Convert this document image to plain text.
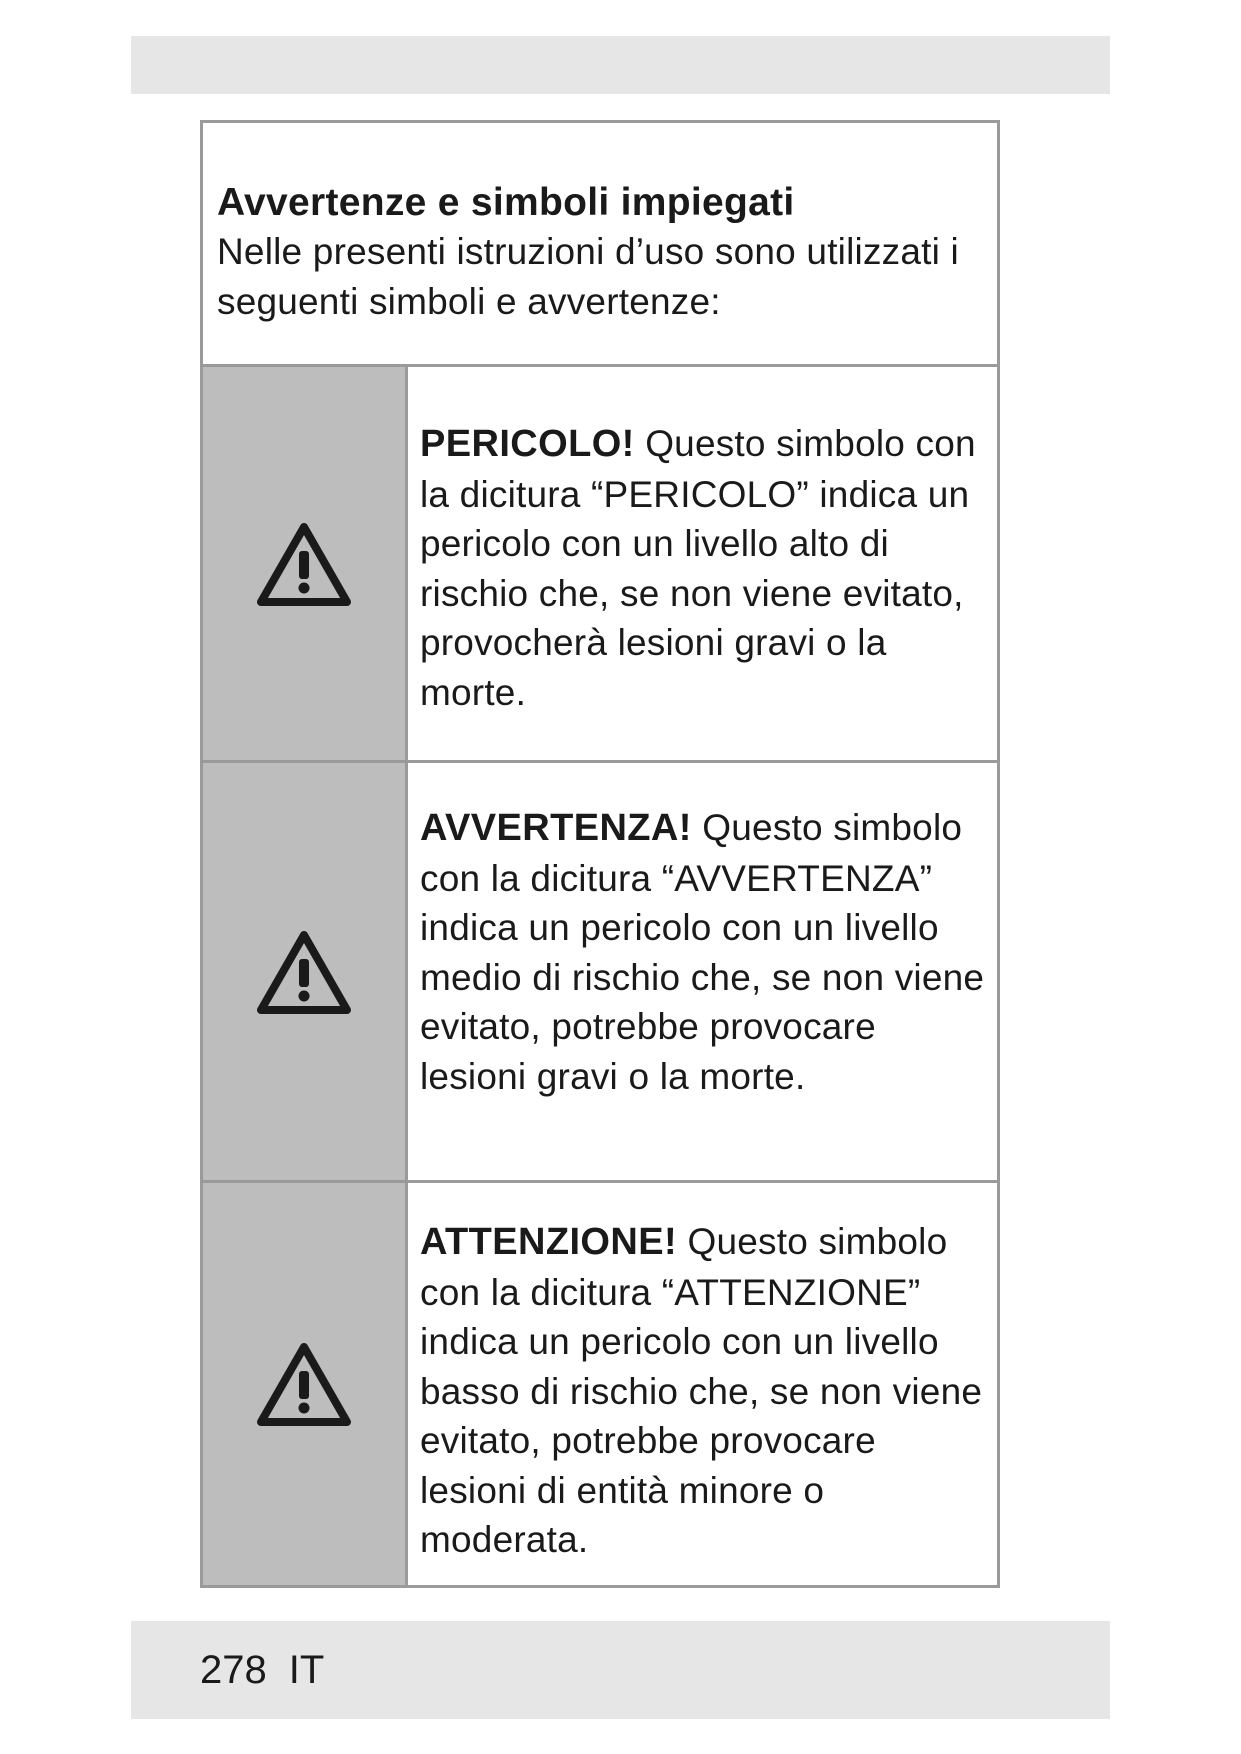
Avvertenze e simboli impiegati
Nelle presenti istruzioni d’uso sono utilizzati i seguenti simboli e avvertenze:
PERICOLO! Questo simbolo con la dicitura “PERICOLO” indica un pericolo con un livello alto di rischio che, se non viene evitato, provocherà lesioni gravi o la morte.
AVVERTENZA! Questo simbolo con la dicitura “AVVERTENZA” indica un pericolo con un livello medio di rischio che, se non viene evitato, potrebbe provocare lesioni gravi o la morte.
ATTENZIONE! Questo simbolo con la dicitura “ATTENZIONE” indica un pericolo con un livello basso di rischio che, se non viene evitato, potrebbe provocare lesioni di entità minore o moderata.
278 IT
